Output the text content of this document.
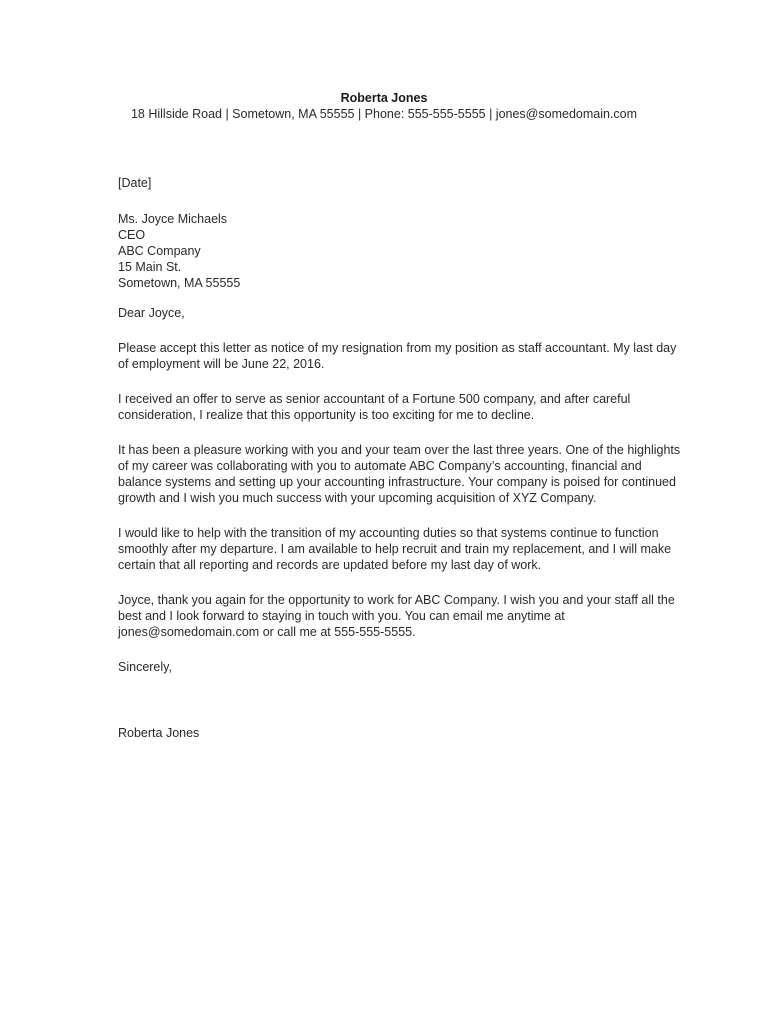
Roberta Jones
18 Hillside Road | Sometown, MA 55555 | Phone: 555-555-5555 | jones@somedomain.com
[Date]
Ms. Joyce Michaels
CEO
ABC Company
15 Main St.
Sometown, MA 55555
Dear Joyce,
Please accept this letter as notice of my resignation from my position as staff accountant. My last day of employment will be June 22, 2016.
I received an offer to serve as senior accountant of a Fortune 500 company, and after careful consideration, I realize that this opportunity is too exciting for me to decline.
It has been a pleasure working with you and your team over the last three years. One of the highlights of my career was collaborating with you to automate ABC Company’s accounting, financial and balance systems and setting up your accounting infrastructure. Your company is poised for continued growth and I wish you much success with your upcoming acquisition of XYZ Company.
I would like to help with the transition of my accounting duties so that systems continue to function smoothly after my departure. I am available to help recruit and train my replacement, and I will make certain that all reporting and records are updated before my last day of work.
Joyce, thank you again for the opportunity to work for ABC Company. I wish you and your staff all the best and I look forward to staying in touch with you. You can email me anytime at jones@somedomain.com or call me at 555-555-5555.
Sincerely,
Roberta Jones
